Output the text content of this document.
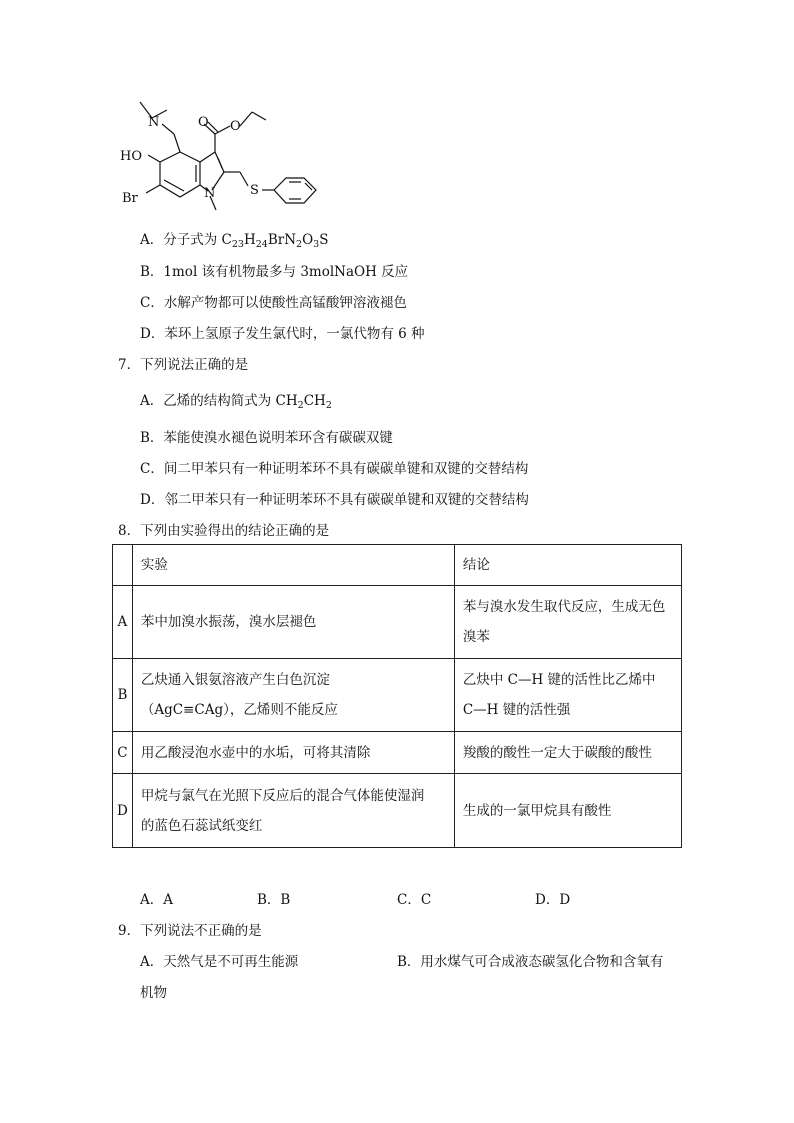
N
HO
Br
O O
S
N
A．分子式为 $C_{23}H_{24}BrN_2O_3S$
B．1mol 该有机物最多与 3molNaOH 反应
C．水解产物都可以使酸性高锰酸钾溶液褪色
D．苯环上氢原子发生氯代时，一氯代物有 6 种
7．下列说法正确的是
A．乙烯的结构简式为 $CH_2CH_2$
B．苯能使溴水褪色说明苯环含有碳碳双键
C．间二甲苯只有一种证明苯环不具有碳碳单键和双键的交替结构
D．邻二甲苯只有一种证明苯环不具有碳碳单键和双键的交替结构
8．下列由实验得出的结论正确的是
	实验	结论
A	苯中加溴水振荡，溴水层褪色	苯与溴水发生取代反应，生成无色
溴苯

B	乙炔通入银氨溶液产生白色沉淀
（AgC≡CAg），乙烯则不能反应	乙炔中 C—H 键的活性比乙烯中
C—H 键的活性强

C	用乙酸浸泡水壶中的水垢，可将其清除	羧酸的酸性一定大于碳酸的酸性

D	甲烷与氯气在光照下反应后的混合气体能使湿润
的蓝色石蕊试纸变红	生成的一氯甲烷具有酸性
A．A	B．B	C．C	D．D
9．下列说法不正确的是
A．天然气是不可再生能源	B．用水煤气可合成液态碳氢化合物和含氧有
机物
